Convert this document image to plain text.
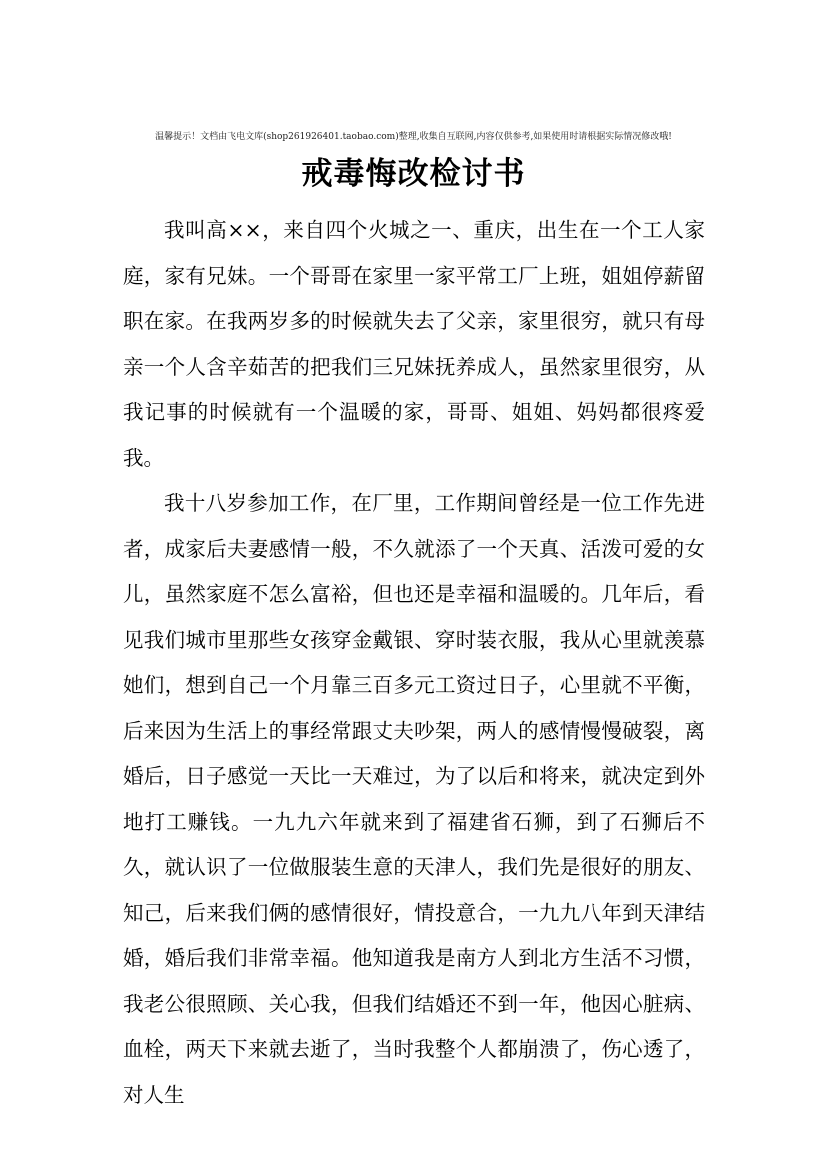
温馨提示！文档由飞电文库(shop261926401.taobao.com)整理,收集自互联网,内容仅供参考,如果使用时请根据实际情况修改哦!
戒毒悔改检讨书

我叫高××，来自四个火城之一、重庆，出生在一个工人家庭，家有兄妹。一个哥哥在家里一家平常工厂上班，姐姐停薪留职在家。在我两岁多的时候就失去了父亲，家里很穷，就只有母亲一个人含辛茹苦的把我们三兄妹抚养成人，虽然家里很穷，从我记事的时候就有一个温暖的家，哥哥、姐姐、妈妈都很疼爱我。

我十八岁参加工作，在厂里，工作期间曾经是一位工作先进者，成家后夫妻感情一般，不久就添了一个天真、活泼可爱的女儿，虽然家庭不怎么富裕，但也还是幸福和温暖的。几年后，看见我们城市里那些女孩穿金戴银、穿时装衣服，我从心里就羡慕她们，想到自己一个月靠三百多元工资过日子，心里就不平衡，后来因为生活上的事经常跟丈夫吵架，两人的感情慢慢破裂，离婚后，日子感觉一天比一天难过，为了以后和将来，就决定到外地打工赚钱。一九九六年就来到了福建省石狮，到了石狮后不久，就认识了一位做服装生意的天津人，我们先是很好的朋友、知己，后来我们俩的感情很好，情投意合，一九九八年到天津结婚，婚后我们非常幸福。他知道我是南方人到北方生活不习惯，我老公很照顾、关心我，但我们结婚还不到一年，他因心脏病、血栓，两天下来就去逝了，当时我整个人都崩溃了，伤心透了，对人生
